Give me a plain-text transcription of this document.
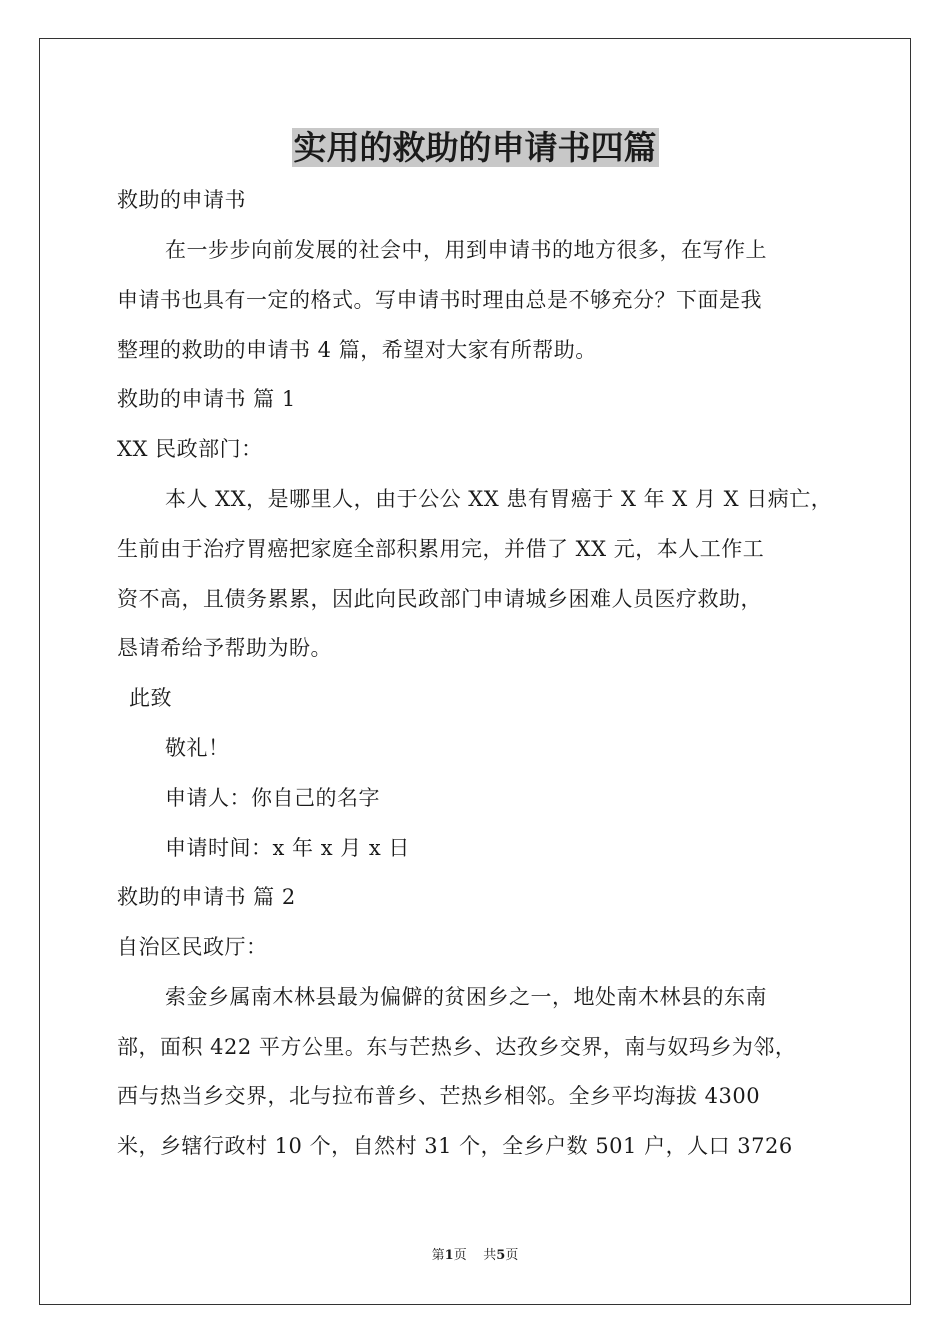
实用的救助的申请书四篇
救助的申请书
在一步步向前发展的社会中，用到申请书的地方很多，在写作上
申请书也具有一定的格式。写申请书时理由总是不够充分？下面是我
整理的救助的申请书 4 篇，希望对大家有所帮助。
救助的申请书 篇 1
XX 民政部门：
本人 XX，是哪里人，由于公公 XX 患有胃癌于 X 年 X 月 X 日病亡，
生前由于治疗胃癌把家庭全部积累用完，并借了 XX 元，本人工作工
资不高，且债务累累，因此向民政部门申请城乡困难人员医疗救助，
恳请希给予帮助为盼。
此致
敬礼！
申请人：你自己的名字
申请时间：x 年 x 月 x 日
救助的申请书 篇 2
自治区民政厅：
索金乡属南木林县最为偏僻的贫困乡之一，地处南木林县的东南
部，面积 422 平方公里。东与芒热乡、达孜乡交界，南与奴玛乡为邻，
西与热当乡交界，北与拉布普乡、芒热乡相邻。全乡平均海拔 4300
米，乡辖行政村 10 个，自然村 31 个，全乡户数 501 户，人口 3726
第1页 共5页
